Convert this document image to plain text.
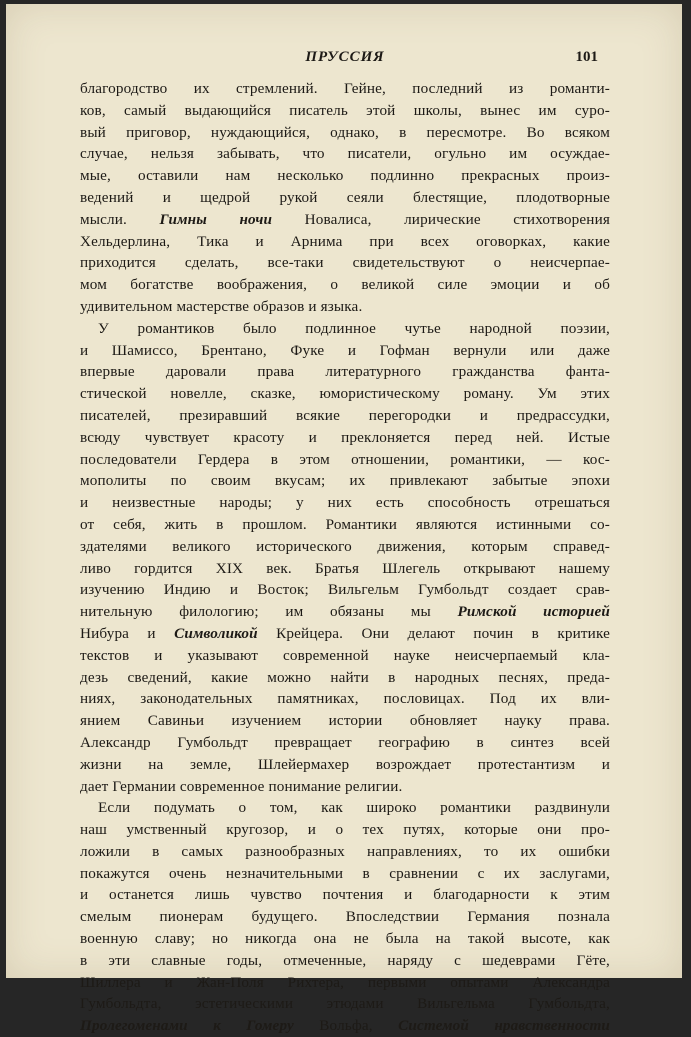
ПРУССИЯ	101
благородство их стремлений. Гейне, последний из романти-
ков, самый выдающийся писатель этой школы, вынес им суро-
вый приговор, нуждающийся, однако, в пересмотре. Во всяком
случае, нельзя забывать, что писатели, огульно им осуждае-
мые, оставили нам несколько подлинно прекрасных произ-
ведений и щедрой рукой сеяли блестящие, плодотворные
мысли. Гимны ночи Новалиса, лирические стихотворения
Хельдерлина, Тика и Арнима при всех оговорках, какие
приходится сделать, все-таки свидетельствуют о неисчерпае-
мом богатстве воображения, о великой силе эмоции и об
удивительном мастерстве образов и языка.
У романтиков было подлинное чутье народной поэзии,
и Шамиссо, Брентано, Фуке и Гофман вернули или даже
впервые даровали права литературного гражданства фанта-
стической новелле, сказке, юмористическому роману. Ум этих
писателей, презиравший всякие перегородки и предрассудки,
всюду чувствует красоту и преклоняется перед ней. Истые
последователи Гердера в этом отношении, романтики, — кос-
мополиты по своим вкусам; их привлекают забытые эпохи
и неизвестные народы; у них есть способность отрешаться
от себя, жить в прошлом. Романтики являются истинными со-
здателями великого исторического движения, которым справед-
ливо гордится XIX век. Братья Шлегель открывают нашему
изучению Индию и Восток; Вильгельм Гумбольдт создает срав-
нительную филологию; им обязаны мы Римской историей
Нибура и Символикой Крейцера. Они делают почин в критике
текстов и указывают современной науке неисчерпаемый кла-
дезь сведений, какие можно найти в народных песнях, преда-
ниях, законодательных памятниках, пословицах. Под их вли-
янием Савиньи изучением истории обновляет науку права.
Александр Гумбольдт превращает географию в синтез всей
жизни на земле, Шлейермахер возрождает протестантизм и
дает Германии современное понимание религии.
Если подумать о том, как широко романтики раздвинули
наш умственный кругозор, и о тех путях, которые они про-
ложили в самых разнообразных направлениях, то их ошибки
покажутся очень незначительными в сравнении с их заслугами,
и останется лишь чувство почтения и благодарности к этим
смелым пионерам будущего. Впоследствии Германия познала
военную славу; но никогда она не была на такой высоте, как
в эти славные годы, отмеченные, наряду с шедеврами Гёте,
Шиллера и Жан-Поля Рихтера, первыми опытами Александра
Гумбольдта, эстетическими этюдами Вильгельма Гумбольдта,
Пролегоменами к Гомеру Вольфа, Системой нравственности
